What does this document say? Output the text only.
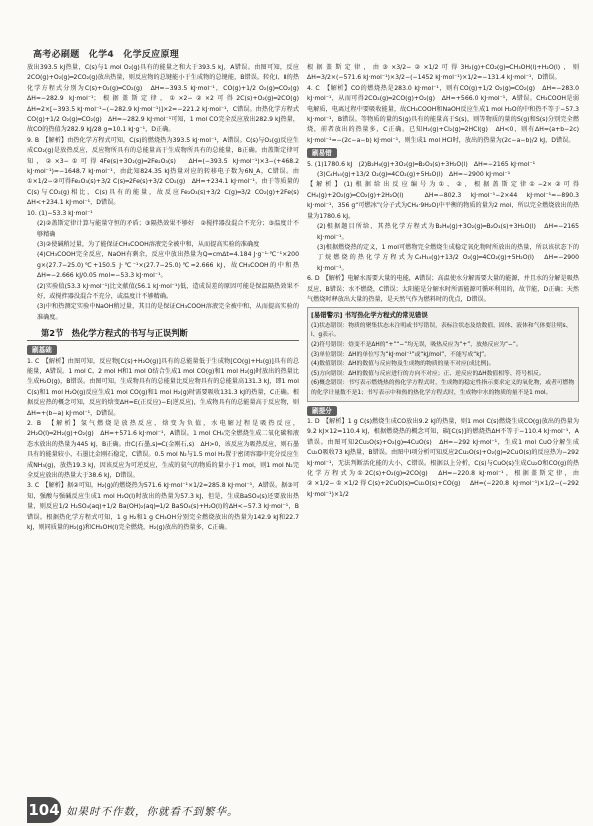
高考必刷题　化学4　化学反应原理

放出393.5 kJ热量，C(s)与1 mol O₂(g)具有的能量之和大于393.5 kJ，A错误。由图可知，反应2CO(g)+O₂(g)═2CO₂(g)放出热量，则反应物的总键能小于生成物的总键能，B错误。转化Ⅰ、Ⅱ的热化学方程式分别为C(s)+O₂(g)═CO₂(g)　ΔH=−393.5 kJ·mol⁻¹，CO(g)+1/2 O₂(g)═CO₂(g)　ΔH=−282.9 kJ·mol⁻¹；根据盖斯定律，①×2−②×2可得2C(s)+O₂(g)═2CO(g)　ΔH=2×[−393.5 kJ·mol⁻¹−(−282.9 kJ·mol⁻¹)]×2=−221.2 kJ·mol⁻¹，C错误。由热化学方程式CO(g)+1/2 O₂(g)═CO₂(g)　ΔH=−282.9 kJ·mol⁻¹可知，1 mol CO完全反应放出282.9 kJ热量，故CO的热值为282.9 kJ/28 g≈10.1 kJ·g⁻¹，D正确。

9. B　【解析】由热化学方程式可知，C(s)的燃烧热为393.5 kJ·mol⁻¹，A错误。C(s)与O₂(g)反应生成CO₂(g)是放热反应，反应物所具有的总能量高于生成物所具有的总能量，B正确。由盖斯定律可知，②×3−①可得4Fe(s)+3O₂(g)═2Fe₂O₃(s)　ΔH=(−393.5 kJ·mol⁻¹)×3−(+468.2 kJ·mol⁻¹)=−1648.7 kJ·mol⁻¹，由此知824.35 kJ热量对应的转移电子数为6N_A，C错误。由①×1/2−②可得Fe₂O₃(s)+3/2 C(s)═2Fe(s)+3/2 CO₂(g)　ΔH=+234.1 kJ·mol⁻¹，由于等质量的C(s)与CO₂(g)相比，C(s)具有的能量，故反应Fe₂O₃(s)+3/2 C(g)═3/2 CO₂(g)+2Fe(s)　ΔH<+234.1 kJ·mol⁻¹，D错误。

10. (1)−53.3 kJ·mol⁻¹

(2)②盖斯定律计算与能量守恒的矛盾；③隔热效果不够好　②搅拌器没混合不充分；③温度计不够精确

(3)②使碱稍过量，为了能保证CH₃COOH溶液完全被中和，从而提高实验的准确度

(4)CH₃COOH完全反应，NaOH有剩余，反应中放出热量为Q=cmΔt=4.184 J·g⁻¹·℃⁻¹×200 g×(27.7−25.0)℃+150.5 J·℃⁻¹×(27.7−25.0)℃≈2.666 kJ，故CH₃COOH的中和热ΔH=−2.666 kJ/0.05 mol≈−53.3 kJ·mol⁻¹。

(2)实验值(53.3 kJ·mol⁻¹)比文献值(56.1 kJ·mol⁻¹)低，造成误差的原因可能是保温隔热效果不好，或搅拌器没混合不充分，或温度计不够精确。

(3)中和热测定实验中NaOH稍过量，其目的是保证CH₃COOH溶液完全被中和，从而提高实验的准确度。

第2节　热化学方程式的书写与正误判断
刷基础

1. C　【解析】由图可知，反应物[C(s)+H₂O(g)]具有的总能量低于生成物[CO(g)+H₂(g)]具有的总能量，A错误。1 mol C、2 mol H和1 mol O结合生成1 mol CO(g)和1 mol H₂(g)时放出的热量比生成H₂O(g)，B错误。由图可知，生成物具有的总能量比反应物具有的总能量高131.3 kJ，即1 mol C(s)和1 mol H₂O(g)反应生成1 mol CO(g)和1 mol H₂(g)时需要吸收131.3 kJ的热量，C正确。根据反应热的概念可知，反应的焓变ΔH=E(正反应)−E(逆反应)，生成物具有的总能量高于反应物，则ΔH=+(b−a) kJ·mol⁻¹，D错误。

2. B　【解析】氢气燃烧是放热反应，焓变为负值，水电解过程是吸热反应，2H₂O(l)═2H₂(g)+O₂(g)　ΔH=+571.6 kJ·mol⁻¹，A错误。1 mol CH₄完全燃烧生成二氧化碳和液态水放出的热量为445 kJ，B正确。由C(石墨,s)═C(金刚石,s)　ΔH>0，该反应为吸热反应，则石墨具有的能量较小，石墨比金刚石稳定，C错误。0.5 mol N₂与1.5 mol H₂置于密闭容器中充分反应生成NH₃(g)，放热19.3 kJ，因该反应为可逆反应，生成的氨气的物质的量小于1 mol，则1 mol N₂完全反应放出的热量大于38.6 kJ，D错误。

3. C　【解析】据②可知，H₂(g)的燃烧热为571.6 kJ·mol⁻¹×1/2=285.8 kJ·mol⁻¹，A错误。据③可知，强酸与强碱反应生成1 mol H₂O(l)时放出的热量为57.3 kJ，但是，生成BaSO₄(s)还要放出热量，则反应1/2 H₂SO₄(aq)+1/2 Ba(OH)₂(aq)═1/2 BaSO₄(s)+H₂O(l)的ΔH<−57.3 kJ·mol⁻¹，B错误。根据热化学方程式可知，1 g H₂和1 g CH₃OH分别完全燃烧放出的热量为142.9 kJ和22.7 kJ，则同质量的H₂(g)和CH₃OH(l)完全燃烧，H₂(g)放出的热量多，C正确。

根据盖斯定律，由③×3/2−②×1/2可得3H₂(g)+CO₂(g)═CH₃OH(l)+H₂O(l)，则ΔH=3/2×(−571.6 kJ·mol⁻¹)×3/2−(−1452 kJ·mol⁻¹)×1/2=−131.4 kJ·mol⁻¹，D错误。

4. C　【解析】CO的燃烧热是283.0 kJ·mol⁻¹，则有CO(g)+1/2 O₂(g)═CO₂(g)　ΔH=−283.0 kJ·mol⁻¹，从而可得2CO₂(g)═2CO(g)+O₂(g)　ΔH=+566.0 kJ·mol⁻¹，A错误。CH₃COOH是弱电解质，电离过程中要吸收能量，故CH₃COOH和NaOH反应生成1 mol H₂O的中和热不等于−57.3 kJ·mol⁻¹，B错误。等物质的量的S(g)具有的能量高于S(s)，则等物质的量的S(g)和S(s)分别完全燃烧，前者放出的热量多，C正确。已知H₂(g)+Cl₂(g)═2HCl(g)　ΔH<0，则有ΔH=(a+b−2c) kJ·mol⁻¹=−(2c−a−b) kJ·mol⁻¹，则生成1 mol HCl时，放出的热量为(2c−a−b)/2 kJ，D错误。

刷易错

5. (1)1780.6 kJ　(2)B₂H₆(g)+3O₂(g)═B₂O₃(s)+3H₂O(l)　ΔH=−2165 kJ·mol⁻¹

(3)C₄H₁₀(g)+13/2 O₂(g)═4CO₂(g)+5H₂O(l)　ΔH=−2900 kJ·mol⁻¹

【解析】(1)根据给出反应编号为①、②，根据盖斯定律①−2×②可得CH₄(g)+2O₂(g)═CO₂(g)+2H₂O(l)　ΔH=−802.3 kJ·mol⁻¹−2×44 kJ·mol⁻¹=−890.3 kJ·mol⁻¹，356 g“可燃冰”(分子式为CH₄·9H₂O)中平衡的物质的量为2 mol，所以完全燃烧放出的热量为1780.6 kJ。

(2)根据题目所给，其热化学方程式为B₂H₆(g)+3O₂(g)═B₂O₃(s)+3H₂O(l)　ΔH=−2165 kJ·mol⁻¹。

(3)根据燃烧热的定义，1 mol可燃物完全燃烧生成稳定氧化物时所放出的热量，所以该状态下的丁烷燃烧的热化学方程式为C₄H₁₀(g)+13/2 O₂(g)═4CO₂(g)+5H₂O(l)　ΔH=−2900 kJ·mol⁻¹。

6. D　【解析】电解水需要大量的电能，A错误；高温使水分解需要大量的能源，并且水的分解是吸热反应，B错误；水不燃烧，C错误；太阳能是分解水时所需能源可循环利用的，故节能，D正确；天然气燃烧时释放出大量的热量，是天然气作为燃料时的优点，D错误。

[易错警示] 书写热化学方程式的常见错误

(1)状态错误：物质的聚集状态未注明或书写错误，表标注状态及焓数值，固体、液体和气体要注明s、l、g表示。

(2)符号错误：焓变不是ΔH的“+”“−”均无误，吸热反应为“+”，放热反应为“−”。

(3)单位错误：ΔH的单位写为“kJ·mol⁻¹”或“kJ/mol”，不能写成“kJ”。

(4)数值错误：ΔH的数值与反应物及生成物的物质的量不对应(成比例)。

(5)方向错误：ΔH的数值与反应进行的方向不对应；正、逆反应的ΔH数值相等、符号相反。

(6)概念错误：书写表示燃烧热的热化学方程式时，生成物的稳定性指示要求定义的氧化物，或者可燃物的化学计量数不是1；书写表示中和热的热化学方程式时，生成物中水的物质的量不是1 mol。

刷提分

1. D　【解析】1 g C(s)燃烧生成CO放出9.2 kJ的热量，则1 mol C(s)燃烧生成CO(g)放出的热量为9.2 kJ×12=110.4 kJ，根据燃烧热的概念可知，碳[C(s)]的燃烧热ΔH不等于−110.4 kJ·mol⁻¹，A错误。由图可知2Cu₂O(s)+O₂(g)═4CuO(s)　ΔH=−292 kJ·mol⁻¹，生成1 mol CuO分解生成Cu₂O吸收73 kJ热量，B错误。由图中I项分析可知反应2Cu₂O(s)+O₂(g)═2CuO(s)的反应热为−292 kJ·mol⁻¹，无法判断活化能的大小，C错误。根据以上分析，C(s)与CuO(s)生成Cu₂O和CO(g)的热化学方程式为①2C(s)+O₂(g)═2CO(g)　ΔH=−220.8 kJ·mol⁻¹，根据盖斯定律，由②×1/2−①×1/2得C(s)+2CuO(s)═Cu₂O(s)+CO(g)　ΔH=(−220.8 kJ·mol⁻¹)×1/2−(−292 kJ·mol⁻¹)×1/2

104 如果时不作数，你就看不到繁华。
